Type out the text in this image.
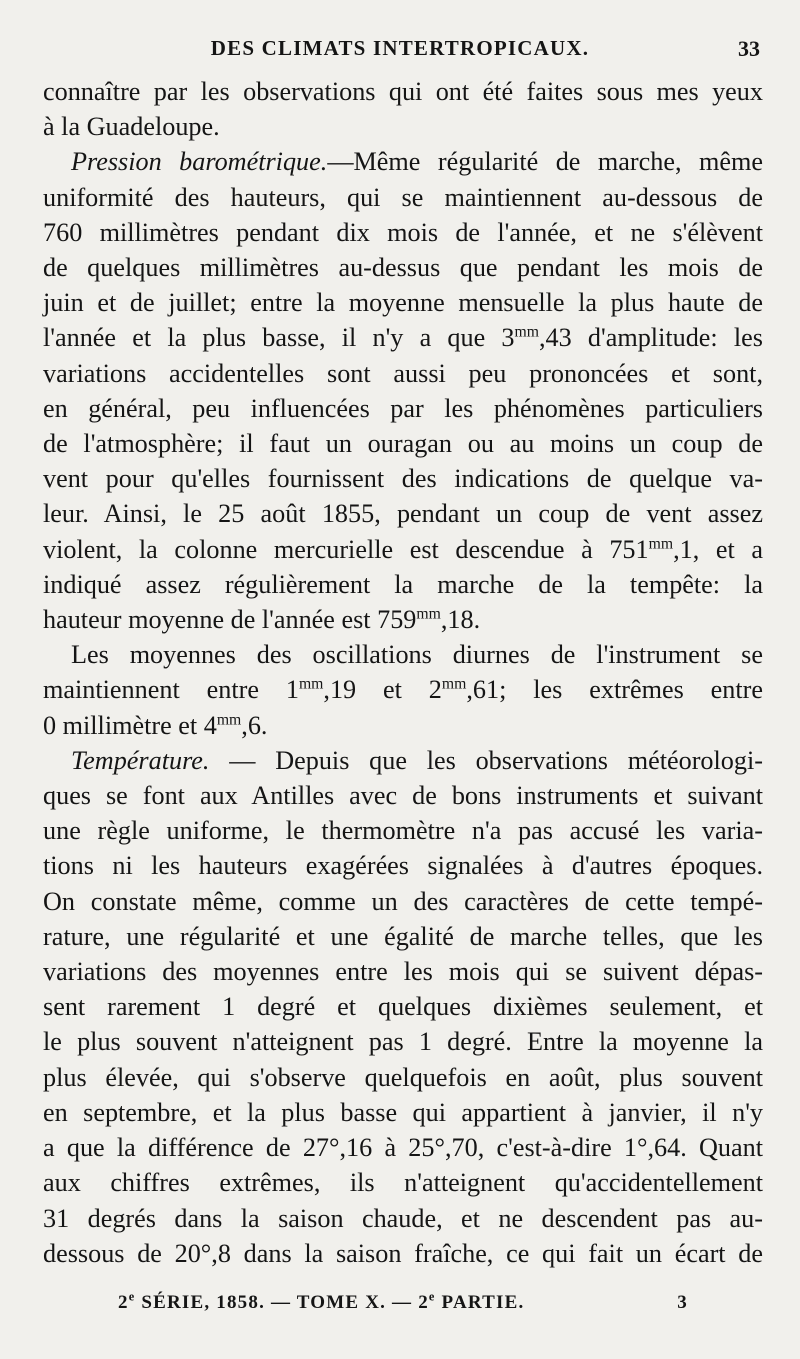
DES CLIMATS INTERTROPICAUX.	33
connaître par les observations qui ont été faites sous mes yeux
à la Guadeloupe.
Pression barométrique.—Même régularité de marche, même
uniformité des hauteurs, qui se maintiennent au-dessous de
760 millimètres pendant dix mois de l'année, et ne s'élèvent
de quelques millimètres au-dessus que pendant les mois de
juin et de juillet; entre la moyenne mensuelle la plus haute de
l'année et la plus basse, il n'y a que $3^{mm},43$ d'amplitude: les
variations accidentelles sont aussi peu prononcées et sont,
en général, peu influencées par les phénomènes particuliers
de l'atmosphère; il faut un ouragan ou au moins un coup de
vent pour qu'elles fournissent des indications de quelque va-
leur. Ainsi, le 25 août 1855, pendant un coup de vent assez
violent, la colonne mercurielle est descendue à $751^{mm},1$, et a
indiqué assez régulièrement la marche de la tempête: la
hauteur moyenne de l'année est $759^{mm},18$.
Les moyennes des oscillations diurnes de l'instrument se
maintiennent entre $1^{mm},19$ et $2^{mm},61$; les extrêmes entre
0 millimètre et $4^{mm},6$.
Température. — Depuis que les observations météorologi-
ques se font aux Antilles avec de bons instruments et suivant
une règle uniforme, le thermomètre n'a pas accusé les varia-
tions ni les hauteurs exagérées signalées à d'autres époques.
On constate même, comme un des caractères de cette tempé-
rature, une régularité et une égalité de marche telles, que les
variations des moyennes entre les mois qui se suivent dépas-
sent rarement 1 degré et quelques dixièmes seulement, et
le plus souvent n'atteignent pas 1 degré. Entre la moyenne la
plus élevée, qui s'observe quelquefois en août, plus souvent
en septembre, et la plus basse qui appartient à janvier, il n'y
a que la différence de 27°,16 à 25°,70, c'est-à-dire 1°,64. Quant
aux chiffres extrêmes, ils n'atteignent qu'accidentellement
31 degrés dans la saison chaude, et ne descendent pas au-
dessous de 20°,8 dans la saison fraîche, ce qui fait un écart de
2e SÉRIE, 1858. — TOME X. — 2e PARTIE.	3
